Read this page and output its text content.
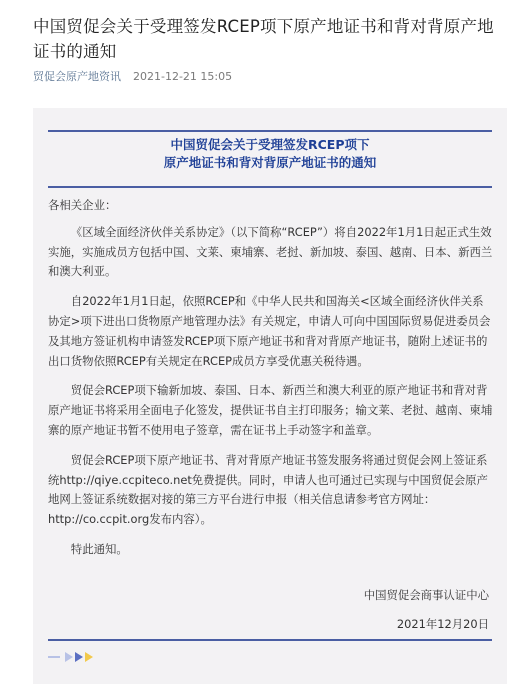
中国贸促会关于受理签发RCEP项下原产地证书和背对背原产地证书的通知
贸促会原产地资讯 2021-12-21 15:05
中国贸促会关于受理签发RCEP项下
原产地证书和背对背原产地证书的通知

各相关企业：

《区域全面经济伙伴关系协定》（以下简称“RCEP”）将自2022年1月1日起正式生效实施，实施成员方包括中国、文莱、柬埔寨、老挝、新加坡、泰国、越南、日本、新西兰和澳大利亚。

自2022年1月1日起，依照RCEP和《中华人民共和国海关<区域全面经济伙伴关系协定>项下进出口货物原产地管理办法》有关规定，申请人可向中国国际贸易促进委员会及其地方签证机构申请签发RCEP项下原产地证书和背对背原产地证书，随附上述证书的出口货物依照RCEP有关规定在RCEP成员方享受优惠关税待遇。

贸促会RCEP项下输新加坡、泰国、日本、新西兰和澳大利亚的原产地证书和背对背原产地证书将采用全面电子化签发，提供证书自主打印服务；输文莱、老挝、越南、柬埔寨的原产地证书暂不使用电子签章，需在证书上手动签字和盖章。

贸促会RCEP项下原产地证书、背对背原产地证书签发服务将通过贸促会网上签证系统http://qiye.ccpiteco.net免费提供。同时，申请人也可通过已实现与中国贸促会原产地网上签证系统数据对接的第三方平台进行申报（相关信息请参考官方网址：http://co.ccpit.org发布内容）。

特此通知。

中国贸促会商事认证中心
2021年12月20日
